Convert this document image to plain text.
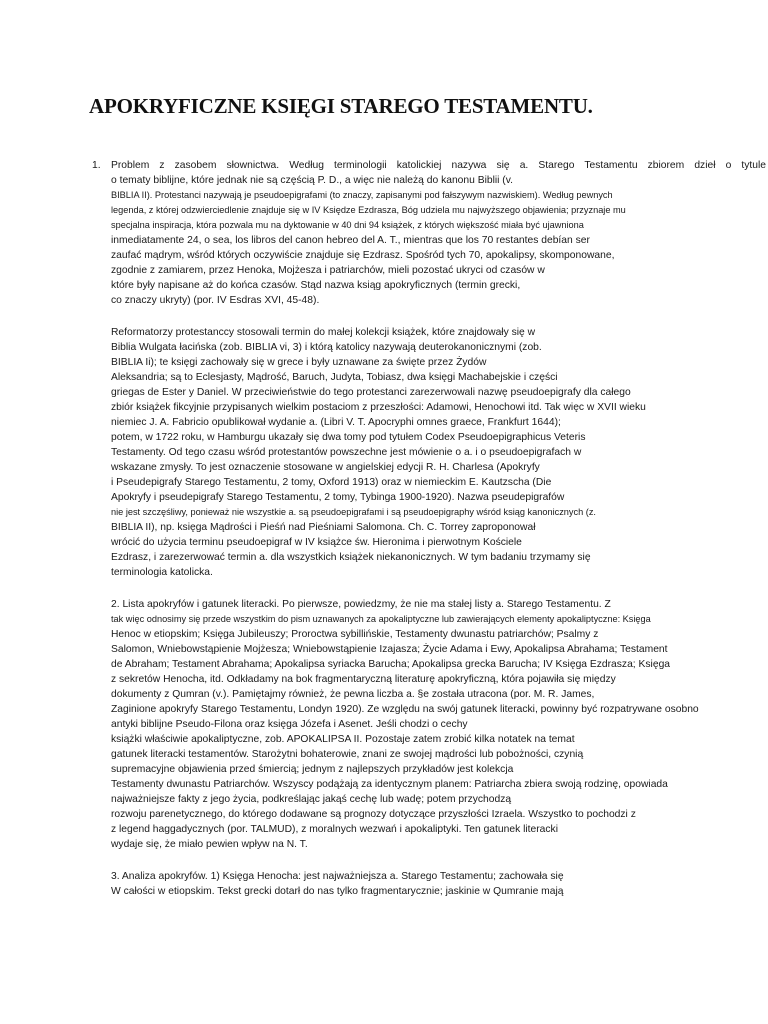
APOKRYFICZNE KSIĘGI STAREGO TESTAMENTU.
1. Problem z zasobem słownictwa. Według terminologii katolickiej nazywa się a. Starego Testamentu zbiorem dzieł o tytule
o tematy biblijne, które jednak nie są częścią P. D., a więc nie należą do kanonu Biblii (v.
BIBLIA II). Protestanci nazywają je pseudoepigrafami (to znaczy, zapisanymi pod fałszywym nazwiskiem). Według pewnych
legenda, z której odzwierciedlenie znajduje się w IV Księdze Ezdrasza, Bóg udziela mu najwyższego objawienia; przyznaje mu
specjalna inspiracja, która pozwala mu na dyktowanie w 40 dni 94 książek, z których większość miała być ujawniona
inmediatamente 24, o sea, los libros del canon hebreo del A. T., mientras que los 70 restantes debían ser
zaufać mądrym, wśród których oczywiście znajduje się Ezdrasz. Spośród tych 70, apokalipsy, skomponowane,
zgodnie z zamiarem, przez Henoka, Mojżesza i patriarchów, mieli pozostać ukryci od czasów w
które były napisane aż do końca czasów. Stąd nazwa ksiąg apokryficznych (termin grecki,
co znaczy ukryty) (por. IV Esdras XVI, 45-48).
Reformatorzy protestanccy stosowali termin do małej kolekcji książek, które znajdowały się w
Biblia Wulgata łacińska (zob. BIBLIA vi, 3) i którą katolicy nazywają deuterokanonicznymi (zob.
BIBLIA Ii); te księgi zachowały się w grece i były uznawane za święte przez Żydów
Aleksandria; są to Eclesjasty, Mądrość, Baruch, Judyta, Tobiasz, dwa księgi Machabejskie i części
griegas de Ester y Daniel. W przeciwieństwie do tego protestanci zarezerwowali nazwę pseudoepigrafy dla całego
zbiór książek fikcyjnie przypisanych wielkim postaciom z przeszłości: Adamowi, Henochowi itd. Tak więc w XVII wieku
niemiec J. A. Fabricio opublikował wydanie a. (Libri V. T. Apocryphi omnes graece, Frankfurt 1644);
potem, w 1722 roku, w Hamburgu ukazały się dwa tomy pod tytułem Codex Pseudoepigraphicus Veteris
Testamenty. Od tego czasu wśród protestantów powszechne jest mówienie o a. i o pseudoepigrafach w
wskazane zmysły. To jest oznaczenie stosowane w angielskiej edycji R. H. Charlesa (Apokryfy
i Pseudepigrafy Starego Testamentu, 2 tomy, Oxford 1913) oraz w niemieckim E. Kautzscha (Die
Apokryfy i pseudepigrafy Starego Testamentu, 2 tomy, Tybinga 1900-1920). Nazwa pseudepigrafów
nie jest szczęśliwy, ponieważ nie wszystkie a. są pseudoepigrafami i są pseudoepigraphy wśród ksiąg kanonicznych (z.
BIBLIA II), np. księga Mądrości i Pieśń nad Pieśniami Salomona. Ch. C. Torrey zaproponował
wrócić do użycia terminu pseudoepigraf w IV książce św. Hieronima i pierwotnym Kościele
Ezdrasz, i zarezerwować termin a. dla wszystkich książek niekanonicznych. W tym badaniu trzymamy się
terminologia katolicka.
2. Lista apokryfów i gatunek literacki. Po pierwsze, powiedzmy, że nie ma stałej listy a. Starego Testamentu. Z
tak więc odnosimy się przede wszystkim do pism uznawanych za apokaliptyczne lub zawierających elementy apokaliptyczne: Księga
Henoc w etiopskim; Księga Jubileuszy; Proroctwa sybillińskie, Testamenty dwunastu patriarchów; Psalmy z
Salomon, Wniebowstąpienie Mojżesza; Wniebowstąpienie Izajasza; Życie Adama i Ewy, Apokalipsa Abrahama; Testament
de Abraham; Testament Abrahama; Apokalipsa syriacka Barucha; Apokalipsa grecka Barucha; IV Księga Ezdrasza; Księga
z sekretów Henocha, itd. Odkładamy na bok fragmentaryczną literaturę apokryficzną, która pojawiła się między
dokumenty z Qumran (v.). Pamiętajmy również, że pewna liczba a. §e została utracona (por. M. R. James,
Zaginione apokryfy Starego Testamentu, Londyn 1920). Ze względu na swój gatunek literacki, powinny być rozpatrywane osobno
antyki biblijne Pseudo-Filona oraz księga Józefa i Asenet. Jeśli chodzi o cechy
książki właściwie apokaliptyczne, zob. APOKALIPSA II. Pozostaje zatem zrobić kilka notatek na temat
gatunek literacki testamentów. Starożytni bohaterowie, znani ze swojej mądrości lub pobożności, czynią
supremacyjne objawienia przed śmiercią; jednym z najlepszych przykładów jest kolekcja
Testamenty dwunastu Patriarchów. Wszyscy podążają za identycznym planem: Patriarcha zbiera swoją rodzinę, opowiada
najważniejsze fakty z jego życia, podkreślając jakąś cechę lub wadę; potem przychodzą
rozwoju parenetycznego, do którego dodawane są prognozy dotyczące przyszłości Izraela. Wszystko to pochodzi z
z legend haggadycznych (por. TALMUD), z moralnych wezwań i apokaliptyki. Ten gatunek literacki
wydaje się, że miało pewien wpływ na N. T.
3. Analiza apokryfów. 1) Księga Henocha: jest najważniejsza a. Starego Testamentu; zachowała się
W całości w etiopskim. Tekst grecki dotarł do nas tylko fragmentarycznie; jaskinie w Qumranie mają
